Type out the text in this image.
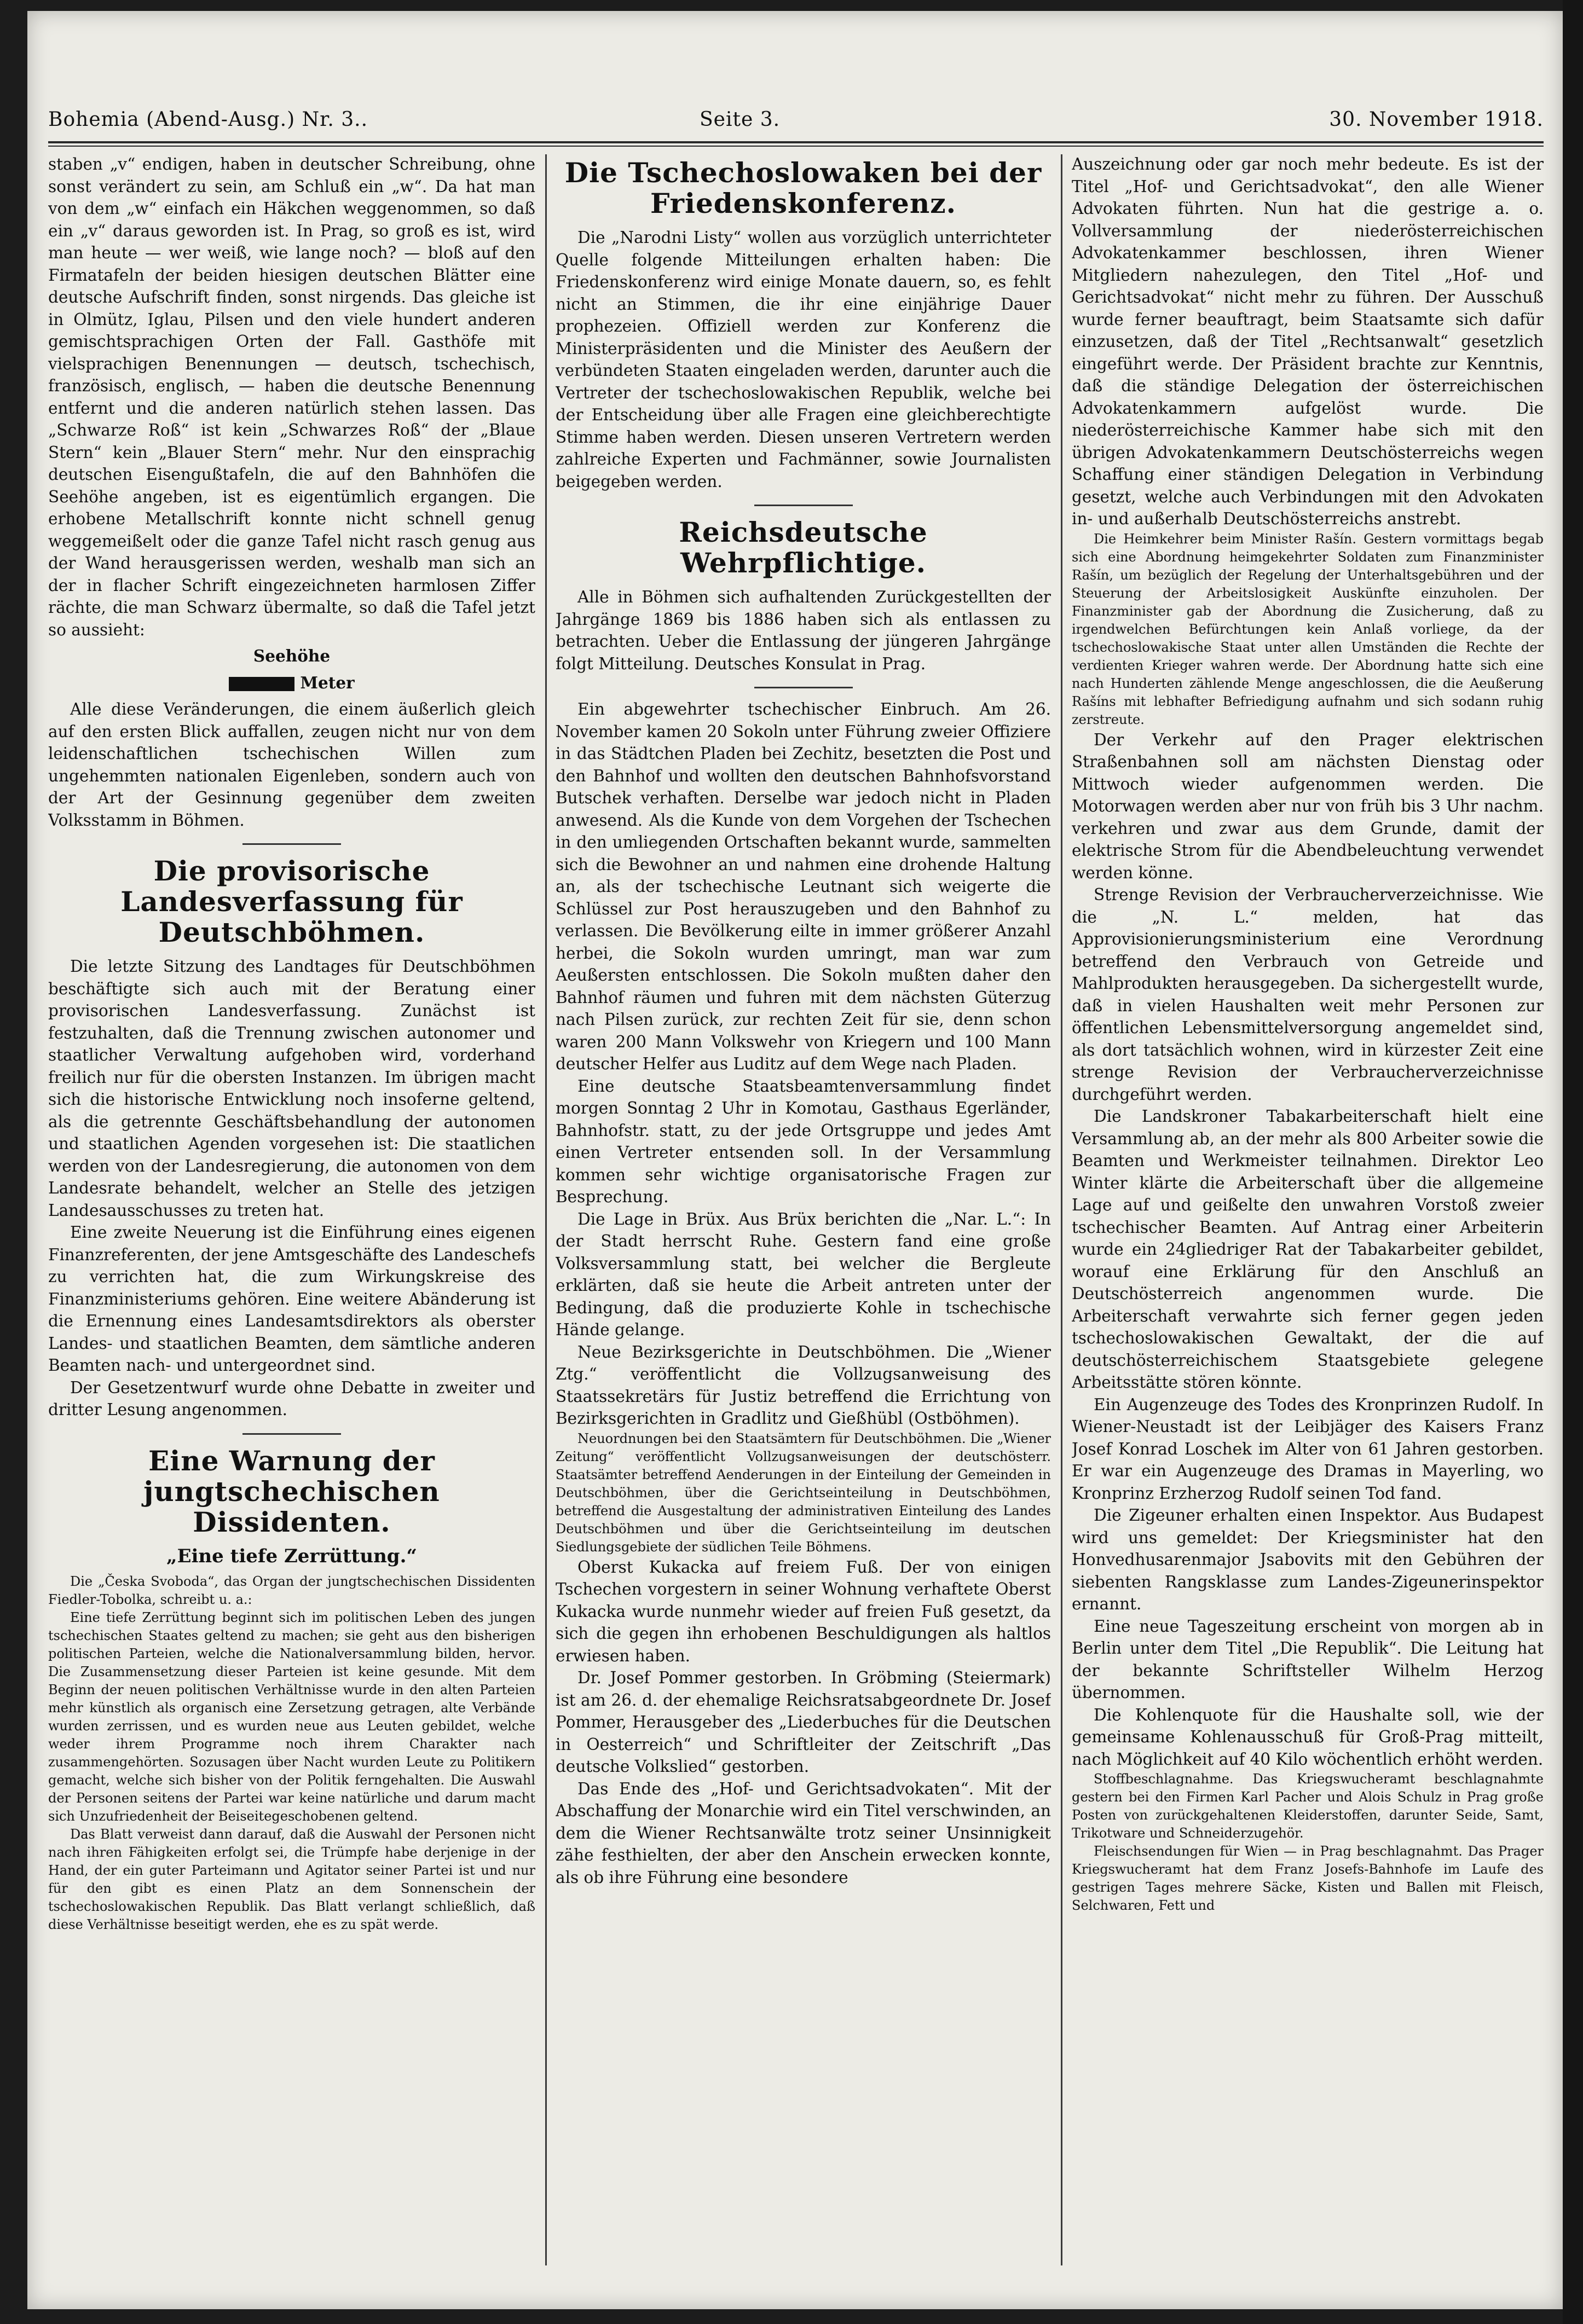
Bohemia (Abend-Ausg.) Nr. 3..	Seite 3.	30. November 1918.

staben „v“ endigen, haben in deutscher Schreibung, ohne sonst verändert zu sein, am Schluß ein „w“. Da hat man von dem „w“ einfach ein Häkchen weggenommen, so daß ein „v“ daraus geworden ist. In Prag, so groß es ist, wird man heute — wer weiß, wie lange noch? — bloß auf den Firmatafeln der beiden hiesigen deutschen Blätter eine deutsche Aufschrift finden, sonst nirgends. Das gleiche ist in Olmütz, Iglau, Pilsen und den viele hundert anderen gemischtsprachigen Orten der Fall. Gasthöfe mit vielsprachigen Benennungen — deutsch, tschechisch, französisch, englisch, — haben die deutsche Benennung entfernt und die anderen natürlich stehen lassen. Das „Schwarze Roß“ ist kein „Schwarzes Roß“ der „Blaue Stern“ kein „Blauer Stern“ mehr. Nur den einsprachig deutschen Eisengußtafeln, die auf den Bahnhöfen die Seehöhe angeben, ist es eigentümlich ergangen. Die erhobene Metallschrift konnte nicht schnell genug weggemeißelt oder die ganze Tafel nicht rasch genug aus der Wand herausgerissen werden, weshalb man sich an der in flacher Schrift eingezeichneten harmlosen Ziffer rächte, die man Schwarz übermalte, so daß die Tafel jetzt so aussieht:

Seehöhe

Meter

Alle diese Veränderungen, die einem äußerlich gleich auf den ersten Blick auffallen, zeugen nicht nur von dem leidenschaftlichen tschechischen Willen zum ungehemmten nationalen Eigenleben, sondern auch von der Art der Gesinnung gegenüber dem zweiten Volksstamm in Böhmen.

Die provisorische Landesverfassung für Deutschböhmen.

Die letzte Sitzung des Landtages für Deutschböhmen beschäftigte sich auch mit der Beratung einer provisorischen Landesverfassung. Zunächst ist festzuhalten, daß die Trennung zwischen autonomer und staatlicher Verwaltung aufgehoben wird, vorderhand freilich nur für die obersten Instanzen. Im übrigen macht sich die historische Entwicklung noch insoferne geltend, als die getrennte Geschäftsbehandlung der autonomen und staatlichen Agenden vorgesehen ist: Die staatlichen werden von der Landesregierung, die autonomen von dem Landesrate behandelt, welcher an Stelle des jetzigen Landesausschusses zu treten hat.

Eine zweite Neuerung ist die Einführung eines eigenen Finanzreferenten, der jene Amtsgeschäfte des Landeschefs zu verrichten hat, die zum Wirkungskreise des Finanzministeriums gehören. Eine weitere Abänderung ist die Ernennung eines Landesamtsdirektors als oberster Landes- und staatlichen Beamten, dem sämtliche anderen Beamten nach- und untergeordnet sind.

Der Gesetzentwurf wurde ohne Debatte in zweiter und dritter Lesung angenommen.

Eine Warnung der jungtschechischen Dissidenten.
„Eine tiefe Zerrüttung.“

Die „Česka Svoboda“, das Organ der jungtschechischen Dissidenten Fiedler-Tobolka, schreibt u. a.:

Eine tiefe Zerrüttung beginnt sich im politischen Leben des jungen tschechischen Staates geltend zu machen; sie geht aus den bisherigen politischen Parteien, welche die Nationalversammlung bilden, hervor. Die Zusammensetzung dieser Parteien ist keine gesunde. Mit dem Beginn der neuen politischen Verhältnisse wurde in den alten Parteien mehr künstlich als organisch eine Zersetzung getragen, alte Verbände wurden zerrissen, und es wurden neue aus Leuten gebildet, welche weder ihrem Programme noch ihrem Charakter nach zusammengehörten. Sozusagen über Nacht wurden Leute zu Politikern gemacht, welche sich bisher von der Politik ferngehalten. Die Auswahl der Personen seitens der Partei war keine natürliche und darum macht sich Unzufriedenheit der Beiseitegeschobenen geltend.

Das Blatt verweist dann darauf, daß die Auswahl der Personen nicht nach ihren Fähigkeiten erfolgt sei, die Trümpfe habe derjenige in der Hand, der ein guter Parteimann und Agitator seiner Partei ist und nur für den gibt es einen Platz an dem Sonnenschein der tschechoslowakischen Republik. Das Blatt verlangt schließlich, daß diese Verhältnisse beseitigt werden, ehe es zu spät werde.

Die Tschechoslowaken bei der Friedenskonferenz.

Die „Narodni Listy“ wollen aus vorzüglich unterrichteter Quelle folgende Mitteilungen erhalten haben: Die Friedenskonferenz wird einige Monate dauern, so, es fehlt nicht an Stimmen, die ihr eine einjährige Dauer prophezeien. Offiziell werden zur Konferenz die Ministerpräsidenten und die Minister des Aeußern der verbündeten Staaten eingeladen werden, darunter auch die Vertreter der tschechoslowakischen Republik, welche bei der Entscheidung über alle Fragen eine gleichberechtigte Stimme haben werden. Diesen unseren Vertretern werden zahlreiche Experten und Fachmänner, sowie Journalisten beigegeben werden.

Reichsdeutsche Wehrpflichtige.

Alle in Böhmen sich aufhaltenden Zurückgestellten der Jahrgänge 1869 bis 1886 haben sich als entlassen zu betrachten. Ueber die Entlassung der jüngeren Jahrgänge folgt Mitteilung. Deutsches Konsulat in Prag.

Ein abgewehrter tschechischer Einbruch. Am 26. November kamen 20 Sokoln unter Führung zweier Offiziere in das Städtchen Pladen bei Zechitz, besetzten die Post und den Bahnhof und wollten den deutschen Bahnhofsvorstand Butschek verhaften. Derselbe war jedoch nicht in Pladen anwesend. Als die Kunde von dem Vorgehen der Tschechen in den umliegenden Ortschaften bekannt wurde, sammelten sich die Bewohner an und nahmen eine drohende Haltung an, als der tschechische Leutnant sich weigerte die Schlüssel zur Post herauszugeben und den Bahnhof zu verlassen. Die Bevölkerung eilte in immer größerer Anzahl herbei, die Sokoln wurden umringt, man war zum Aeußersten entschlossen. Die Sokoln mußten daher den Bahnhof räumen und fuhren mit dem nächsten Güterzug nach Pilsen zurück, zur rechten Zeit für sie, denn schon waren 200 Mann Volkswehr von Kriegern und 100 Mann deutscher Helfer aus Luditz auf dem Wege nach Pladen.

Eine deutsche Staatsbeamtenversammlung findet morgen Sonntag 2 Uhr in Komotau, Gasthaus Egerländer, Bahnhofstr. statt, zu der jede Ortsgruppe und jedes Amt einen Vertreter entsenden soll. In der Versammlung kommen sehr wichtige organisatorische Fragen zur Besprechung.

Die Lage in Brüx. Aus Brüx berichten die „Nar. L.“: In der Stadt herrscht Ruhe. Gestern fand eine große Volksversammlung statt, bei welcher die Bergleute erklärten, daß sie heute die Arbeit antreten unter der Bedingung, daß die produzierte Kohle in tschechische Hände gelange.

Neue Bezirksgerichte in Deutschböhmen. Die „Wiener Ztg.“ veröffentlicht die Vollzugsanweisung des Staatssekretärs für Justiz betreffend die Errichtung von Bezirksgerichten in Gradlitz und Gießhübl (Ostböhmen).

Neuordnungen bei den Staatsämtern für Deutschböhmen. Die „Wiener Zeitung“ veröffentlicht Vollzugsanweisungen der deutschösterr. Staatsämter betreffend Aenderungen in der Einteilung der Gemeinden in Deutschböhmen, über die Gerichtseinteilung in Deutschböhmen, betreffend die Ausgestaltung der administrativen Einteilung des Landes Deutschböhmen und über die Gerichtseinteilung im deutschen Siedlungsgebiete der südlichen Teile Böhmens.

Oberst Kukacka auf freiem Fuß. Der von einigen Tschechen vorgestern in seiner Wohnung verhaftete Oberst Kukacka wurde nunmehr wieder auf freien Fuß gesetzt, da sich die gegen ihn erhobenen Beschuldigungen als haltlos erwiesen haben.

Dr. Josef Pommer gestorben. In Gröbming (Steiermark) ist am 26. d. der ehemalige Reichsratsabgeordnete Dr. Josef Pommer, Herausgeber des „Liederbuches für die Deutschen in Oesterreich“ und Schriftleiter der Zeitschrift „Das deutsche Volkslied“ gestorben.

Das Ende des „Hof- und Gerichtsadvokaten“. Mit der Abschaffung der Monarchie wird ein Titel verschwinden, an dem die Wiener Rechtsanwälte trotz seiner Unsinnigkeit zähe festhielten, der aber den Anschein erwecken konnte, als ob ihre Führung eine besondere

Auszeichnung oder gar noch mehr bedeute. Es ist der Titel „Hof- und Gerichtsadvokat“, den alle Wiener Advokaten führten. Nun hat die gestrige a. o. Vollversammlung der niederösterreichischen Advokatenkammer beschlossen, ihren Wiener Mitgliedern nahezulegen, den Titel „Hof- und Gerichtsadvokat“ nicht mehr zu führen. Der Ausschuß wurde ferner beauftragt, beim Staatsamte sich dafür einzusetzen, daß der Titel „Rechtsanwalt“ gesetzlich eingeführt werde. Der Präsident brachte zur Kenntnis, daß die ständige Delegation der österreichischen Advokatenkammern aufgelöst wurde. Die niederösterreichische Kammer habe sich mit den übrigen Advokatenkammern Deutschösterreichs wegen Schaffung einer ständigen Delegation in Verbindung gesetzt, welche auch Verbindungen mit den Advokaten in- und außerhalb Deutschösterreichs anstrebt.

Die Heimkehrer beim Minister Rašín. Gestern vormittags begab sich eine Abordnung heimgekehrter Soldaten zum Finanzminister Rašín, um bezüglich der Regelung der Unterhaltsgebühren und der Steuerung der Arbeitslosigkeit Auskünfte einzuholen. Der Finanzminister gab der Abordnung die Zusicherung, daß zu irgendwelchen Befürchtungen kein Anlaß vorliege, da der tschechoslowakische Staat unter allen Umständen die Rechte der verdienten Krieger wahren werde. Der Abordnung hatte sich eine nach Hunderten zählende Menge angeschlossen, die die Aeußerung Rašíns mit lebhafter Befriedigung aufnahm und sich sodann ruhig zerstreute.

Der Verkehr auf den Prager elektrischen Straßenbahnen soll am nächsten Dienstag oder Mittwoch wieder aufgenommen werden. Die Motorwagen werden aber nur von früh bis 3 Uhr nachm. verkehren und zwar aus dem Grunde, damit der elektrische Strom für die Abendbeleuchtung verwendet werden könne.

Strenge Revision der Verbraucherverzeichnisse. Wie die „N. L.“ melden, hat das Approvisionierungsministerium eine Verordnung betreffend den Verbrauch von Getreide und Mahlprodukten herausgegeben. Da sichergestellt wurde, daß in vielen Haushalten weit mehr Personen zur öffentlichen Lebensmittelversorgung angemeldet sind, als dort tatsächlich wohnen, wird in kürzester Zeit eine strenge Revision der Verbraucherverzeichnisse durchgeführt werden.

Die Landskroner Tabakarbeiterschaft hielt eine Versammlung ab, an der mehr als 800 Arbeiter sowie die Beamten und Werkmeister teilnahmen. Direktor Leo Winter klärte die Arbeiterschaft über die allgemeine Lage auf und geißelte den unwahren Vorstoß zweier tschechischer Beamten. Auf Antrag einer Arbeiterin wurde ein 24gliedriger Rat der Tabakarbeiter gebildet, worauf eine Erklärung für den Anschluß an Deutschösterreich angenommen wurde. Die Arbeiterschaft verwahrte sich ferner gegen jeden tschechoslowakischen Gewaltakt, der die auf deutschösterreichischem Staatsgebiete gelegene Arbeitsstätte stören könnte.

Ein Augenzeuge des Todes des Kronprinzen Rudolf. In Wiener-Neustadt ist der Leibjäger des Kaisers Franz Josef Konrad Loschek im Alter von 61 Jahren gestorben. Er war ein Augenzeuge des Dramas in Mayerling, wo Kronprinz Erzherzog Rudolf seinen Tod fand.

Die Zigeuner erhalten einen Inspektor. Aus Budapest wird uns gemeldet: Der Kriegsminister hat den Honvedhusarenmajor Jsabovits mit den Gebühren der siebenten Rangsklasse zum Landes-Zigeunerinspektor ernannt.

Eine neue Tageszeitung erscheint von morgen ab in Berlin unter dem Titel „Die Republik“. Die Leitung hat der bekannte Schriftsteller Wilhelm Herzog übernommen.

Die Kohlenquote für die Haushalte soll, wie der gemeinsame Kohlenausschuß für Groß-Prag mitteilt, nach Möglichkeit auf 40 Kilo wöchentlich erhöht werden.

Stoffbeschlagnahme. Das Kriegswucheramt beschlagnahmte gestern bei den Firmen Karl Pacher und Alois Schulz in Prag große Posten von zurückgehaltenen Kleiderstoffen, darunter Seide, Samt, Trikotware und Schneiderzugehör.

Fleischsendungen für Wien — in Prag beschlagnahmt. Das Prager Kriegswucheramt hat dem Franz Josefs-Bahnhofe im Laufe des gestrigen Tages mehrere Säcke, Kisten und Ballen mit Fleisch, Selchwaren, Fett und
